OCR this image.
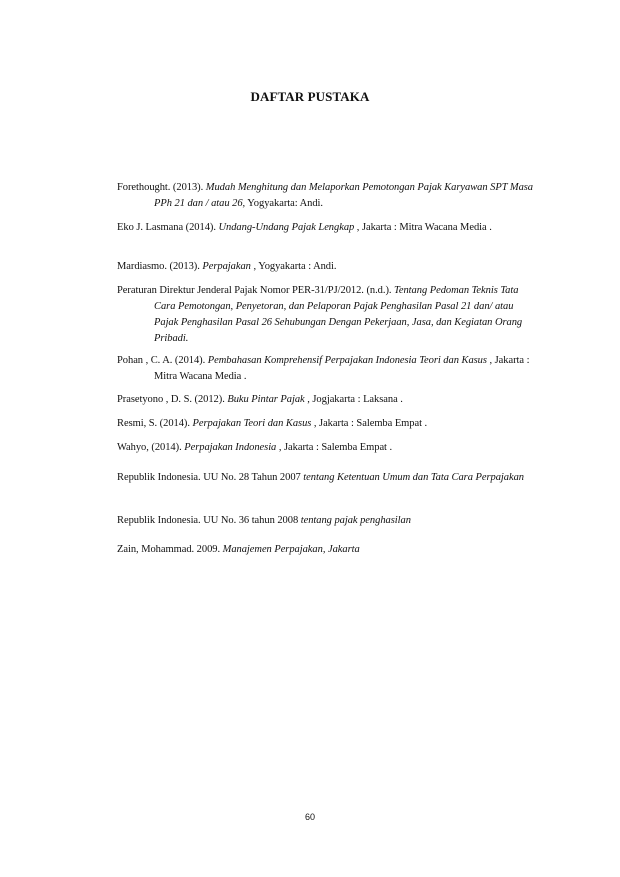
DAFTAR PUSTAKA
Forethought. (2013). Mudah Menghitung dan Melaporkan Pemotongan Pajak Karyawan SPT Masa PPh 21 dan / atau 26, Yogyakarta: Andi.
Eko J. Lasmana (2014). Undang-Undang Pajak Lengkap , Jakarta : Mitra Wacana Media .
Mardiasmo. (2013). Perpajakan , Yogyakarta : Andi.
Peraturan Direktur Jenderal Pajak Nomor PER-31/PJ/2012. (n.d.). Tentang Pedoman Teknis Tata Cara Pemotongan, Penyetoran, dan Pelaporan Pajak Penghasilan Pasal 21 dan/ atau Pajak Penghasilan Pasal 26 Sehubungan Dengan Pekerjaan, Jasa, dan Kegiatan Orang Pribadi.
Pohan , C. A. (2014). Pembahasan Komprehensif Perpajakan Indonesia Teori dan Kasus , Jakarta : Mitra Wacana Media .
Prasetyono , D. S. (2012). Buku Pintar Pajak , Jogjakarta : Laksana .
Resmi, S. (2014). Perpajakan Teori dan Kasus , Jakarta : Salemba Empat .
Wahyo, (2014). Perpajakan Indonesia , Jakarta : Salemba Empat .
Republik Indonesia. UU No. 28 Tahun 2007 tentang Ketentuan Umum dan Tata Cara Perpajakan
Republik Indonesia. UU No. 36 tahun 2008 tentang pajak penghasilan
Zain, Mohammad. 2009. Manajemen Perpajakan, Jakarta
60
